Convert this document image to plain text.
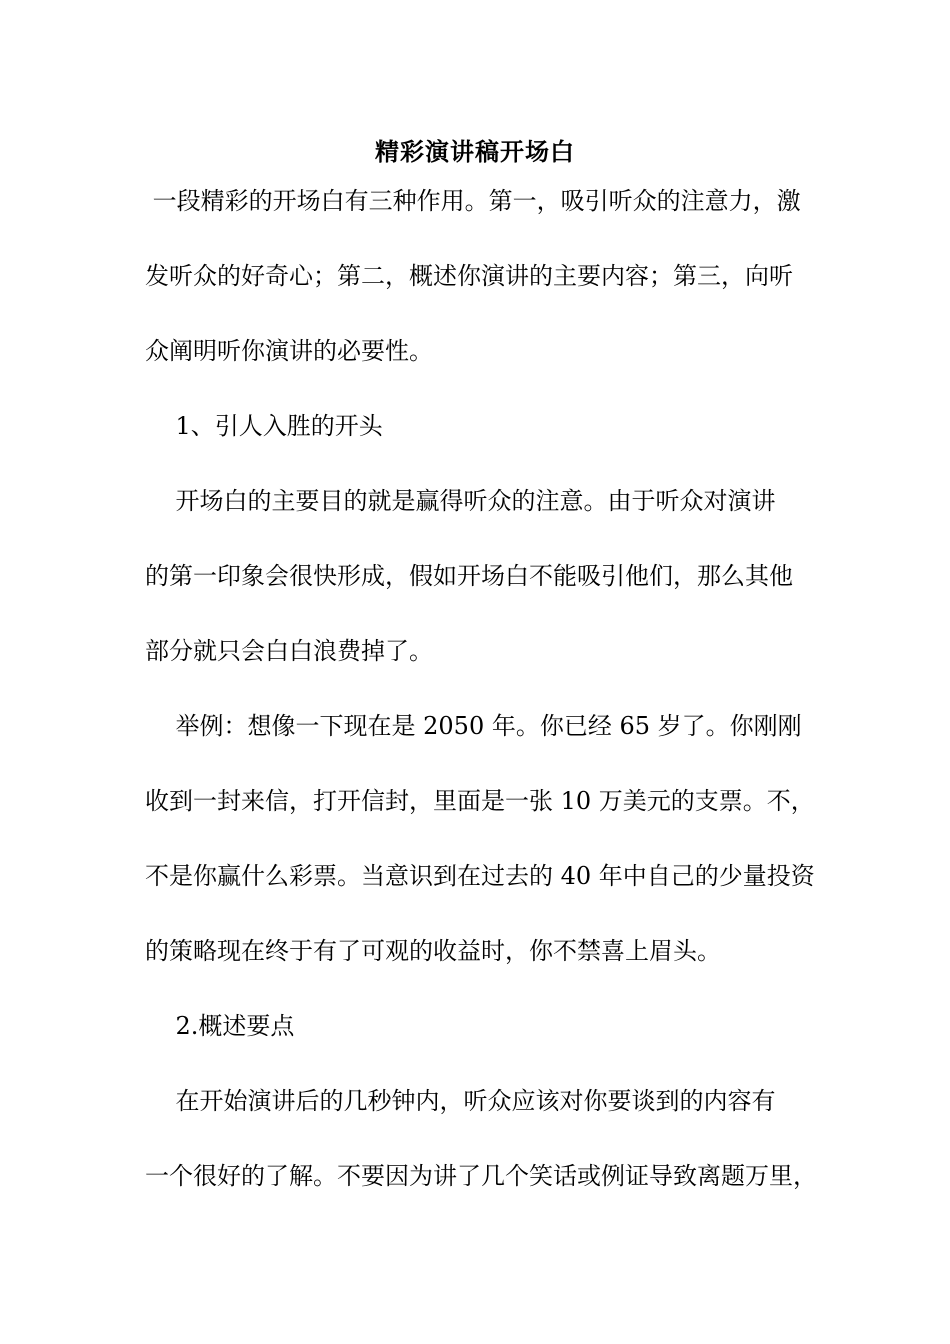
精彩演讲稿开场白
一段精彩的开场白有三种作用。第一，吸引听众的注意力，激
发听众的好奇心；第二，概述你演讲的主要内容；第三，向听
众阐明听你演讲的必要性。
1、引人入胜的开头
开场白的主要目的就是赢得听众的注意。由于听众对演讲
的第一印象会很快形成，假如开场白不能吸引他们，那么其他
部分就只会白白浪费掉了。
举例：想像一下现在是 2050 年。你已经 65 岁了。你刚刚
收到一封来信，打开信封，里面是一张 10 万美元的支票。不，
不是你赢什么彩票。当意识到在过去的 40 年中自己的少量投资
的策略现在终于有了可观的收益时，你不禁喜上眉头。
2.概述要点
在开始演讲后的几秒钟内，听众应该对你要谈到的内容有
一个很好的了解。不要因为讲了几个笑话或例证导致离题万里，
